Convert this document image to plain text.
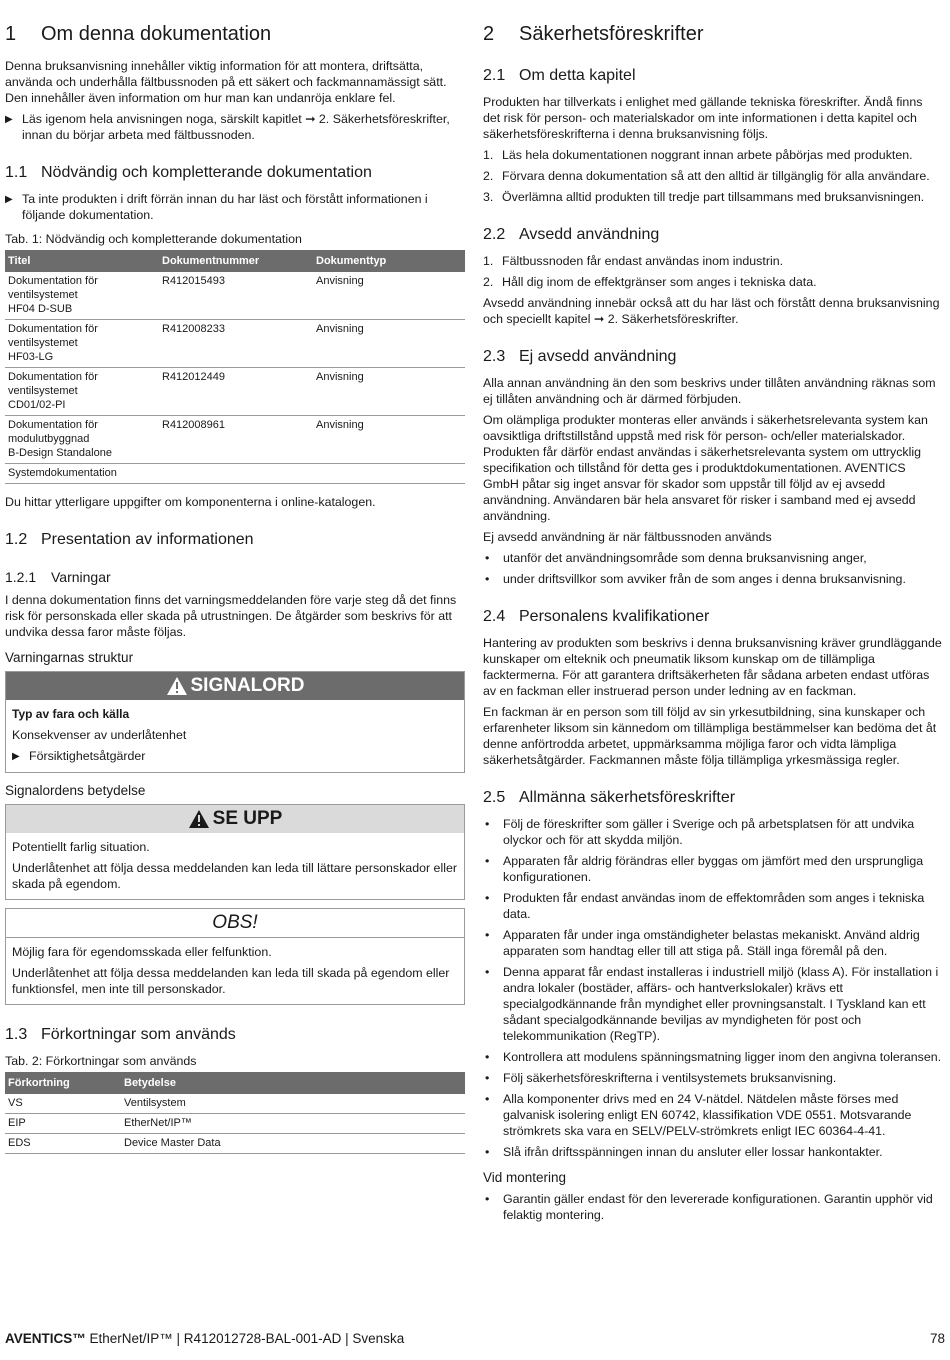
1 Om denna dokumentation

Denna bruksanvisning innehåller viktig information för att montera, driftsätta, använda och underhålla fältbussnoden på ett säkert och fackmannamässigt sätt. Den innehåller även information om hur man kan undanröja enklare fel.

▶ Läs igenom hela anvisningen noga, särskilt kapitlet ➞ 2. Säkerhetsföreskrifter, innan du börjar arbeta med fältbussnoden.
1.1 Nödvändig och kompletterande dokumentation
▶ Ta inte produkten i drift förrän innan du har läst och förstått informationen i följande dokumentation.
Tab. 1: Nödvändig och kompletterande dokumentation
Titel	Dokumentnummer	Dokumenttyp

Dokumentation för
ventilsystemet
HF04 D-SUB	R412015493	Anvisning

Dokumentation för
ventilsystemet
HF03-LG	R412008233	Anvisning

Dokumentation för
ventilsystemet
CD01/02-PI	R412012449	Anvisning

Dokumentation för
modulutbyggnad
B-Design Standalone	R412008961	Anvisning

Systemdokumentation		

Du hittar ytterligare uppgifter om komponenterna i online-katalogen.

1.2 Presentation av informationen
1.2.1 Varningar

I denna dokumentation finns det varningsmeddelanden före varje steg då det finns risk för personskada eller skada på utrustningen. De åtgärder som beskrivs för att undvika dessa faror måste följas.

Varningarnas struktur
SIGNALORD

Typ av fara och källa

Konsekvenser av underlåtenhet

▶ Försiktighetsåtgärder
Signalordens betydelse
SE UPP

Potentiellt farlig situation.

Underlåtenhet att följa dessa meddelanden kan leda till lättare personskador eller skada på egendom.

OBS!

Möjlig fara för egendomsskada eller felfunktion.

Underlåtenhet att följa dessa meddelanden kan leda till skada på egendom eller funktionsfel, men inte till personskador.

1.3 Förkortningar som används
Tab. 2: Förkortningar som används
Förkortning	Betydelse
VS	Ventilsystem
EIP	EtherNet/IP™
EDS	Device Master Data
2 Säkerhetsföreskrifter
2.1 Om detta kapitel

Produkten har tillverkats i enlighet med gällande tekniska föreskrifter. Ändå finns det risk för person- och materialskador om inte informationen i detta kapitel och säkerhetsföreskrifterna i denna bruksanvisning följs.

1. Läs hela dokumentationen noggrant innan arbete påbörjas med produkten.
2. Förvara denna dokumentation så att den alltid är tillgänglig för alla användare.
3. Överlämna alltid produkten till tredje part tillsammans med bruksanvisningen.
2.2 Avsedd användning
1. Fältbussnoden får endast användas inom industrin.
2. Håll dig inom de effektgränser som anges i tekniska data.

Avsedd användning innebär också att du har läst och förstått denna bruksanvisning och speciellt kapitel ➞ 2. Säkerhetsföreskrifter.

2.3 Ej avsedd användning

Alla annan användning än den som beskrivs under tillåten användning räknas som ej tillåten användning och är därmed förbjuden.

Om olämpliga produkter monteras eller används i säkerhetsrelevanta system kan oavsiktliga driftstillstånd uppstå med risk för person- och/eller materialskador. Produkten får därför endast användas i säkerhetsrelevanta system om uttrycklig specifikation och tillstånd för detta ges i produktdokumentationen. AVENTICS GmbH påtar sig inget ansvar för skador som uppstår till följd av ej avsedd användning. Användaren bär hela ansvaret för risker i samband med ej avsedd användning.

Ej avsedd användning är när fältbussnoden används

•	utanför det användningsområde som denna bruksanvisning anger,
•	under driftsvillkor som avviker från de som anges i denna bruksanvisning.
2.4 Personalens kvalifikationer

Hantering av produkten som beskrivs i denna bruksanvisning kräver grundläggande kunskaper om elteknik och pneumatik liksom kunskap om de tillämpliga facktermerna. För att garantera driftsäkerheten får sådana arbeten endast utföras av en fackman eller instruerad person under ledning av en fackman.

En fackman är en person som till följd av sin yrkesutbildning, sina kunskaper och erfarenheter liksom sin kännedom om tillämpliga bestämmelser kan bedöma det åt denne anförtrodda arbetet, uppmärksamma möjliga faror och vidta lämpliga säkerhetsåtgärder. Fackmannen måste följa tillämpliga yrkesmässiga regler.

2.5 Allmänna säkerhetsföreskrifter
•	Följ de föreskrifter som gäller i Sverige och på arbetsplatsen för att undvika olyckor och för att skydda miljön.
•	Apparaten får aldrig förändras eller byggas om jämfört med den ursprungliga konfigurationen.
•	Produkten får endast användas inom de effektområden som anges i tekniska data.
•	Apparaten får under inga omständigheter belastas mekaniskt. Använd aldrig apparaten som handtag eller till att stiga på. Ställ inga föremål på den.
•	Denna apparat får endast installeras i industriell miljö (klass A). För installation i andra lokaler (bostäder, affärs- och hantverkslokaler) krävs ett specialgodkännande från myndighet eller provningsanstalt. I Tyskland kan ett sådant specialgodkännande beviljas av myndigheten för post och telekommunikation (RegTP).
•	Kontrollera att modulens spänningsmatning ligger inom den angivna toleransen.
•	Följ säkerhetsföreskrifterna i ventilsystemets bruksanvisning.
•	Alla komponenter drivs med en 24 V-nätdel. Nätdelen måste förses med galvanisk isolering enligt EN 60742, klassifikation VDE 0551. Motsvarande strömkrets ska vara en SELV/PELV-strömkrets enligt IEC 60364-4-41.
•	Slå ifrån driftsspänningen innan du ansluter eller lossar hankontakter.
Vid montering
•	Garantin gäller endast för den levererade konfigurationen. Garantin upphör vid felaktig montering.
AVENTICS™ EtherNet/IP™ | R412012728-BAL-001-AD | Svenska	78
